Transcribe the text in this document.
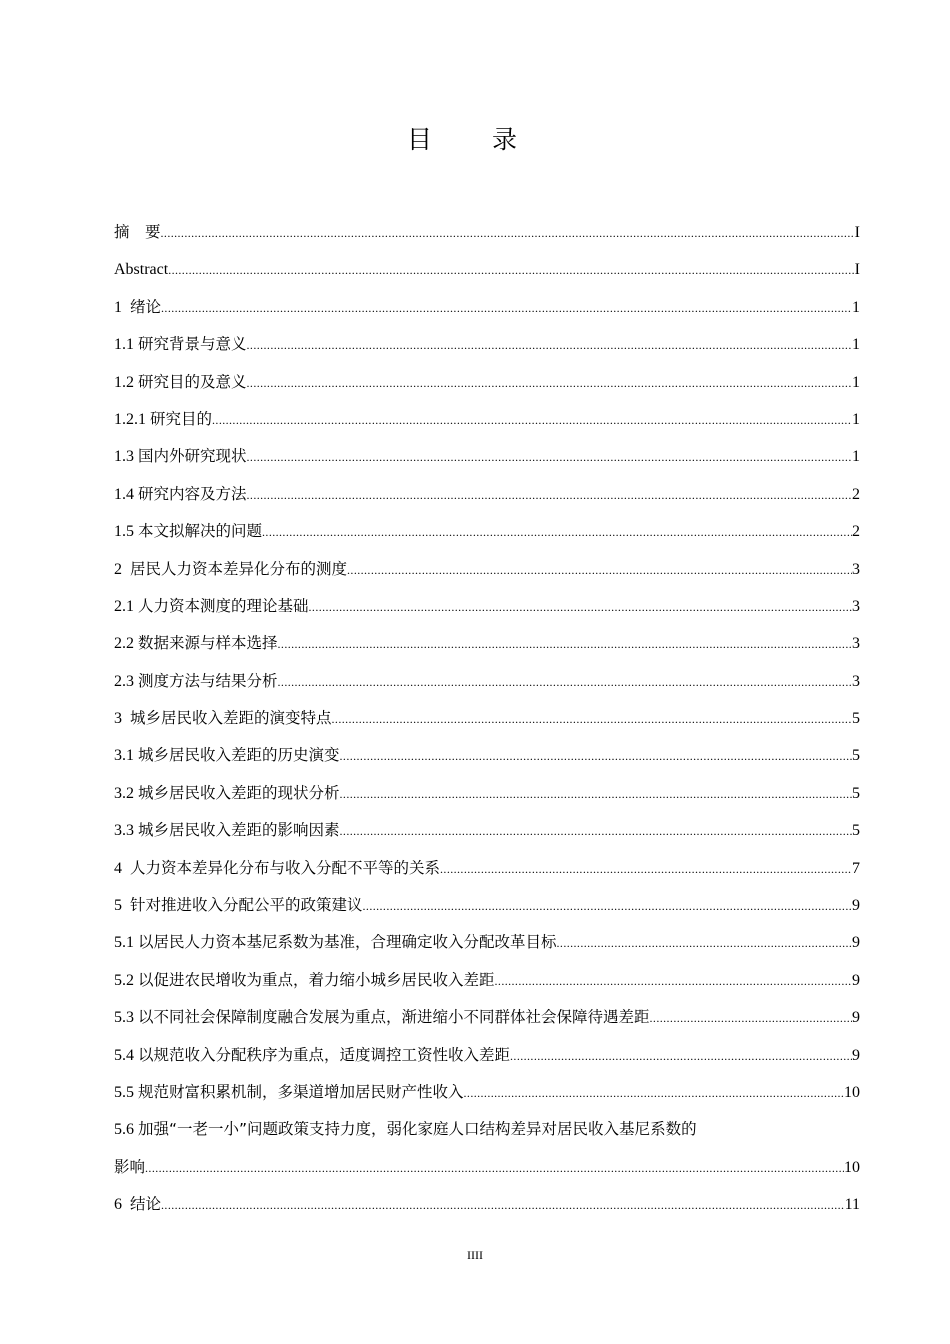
目 录
摘　要 .....	I
Abstract .....	I
1 绪论 .....	1
1.1 研究背景与意义 .....	1
1.2 研究目的及意义 .....	1
1.2.1 研究目的 .....	1
1.3 国内外研究现状 .....	1
1.4 研究内容及方法 .....	2
1.5 本文拟解决的问题 .....	2
2 居民人力资本差异化分布的测度 .....	3
2.1 人力资本测度的理论基础 .....	3
2.2 数据来源与样本选择 .....	3
2.3 测度方法与结果分析 .....	3
3 城乡居民收入差距的演变特点 .....	5
3.1 城乡居民收入差距的历史演变 .....	5
3.2 城乡居民收入差距的现状分析 .....	5
3.3 城乡居民收入差距的影响因素 .....	5
4 人力资本差异化分布与收入分配不平等的关系 .....	7
5 针对推进收入分配公平的政策建议 .....	9
5.1 以居民人力资本基尼系数为基准，合理确定收入分配改革目标 .....	9
5.2 以促进农民增收为重点，着力缩小城乡居民收入差距 .....	9
5.3 以不同社会保障制度融合发展为重点，渐进缩小不同群体社会保障待遇差距 .....	9
5.4 以规范收入分配秩序为重点，适度调控工资性收入差距 .....	9
5.5 规范财富积累机制，多渠道增加居民财产性收入 .....	10
5.6 加强“一老一小”问题政策支持力度，弱化家庭人口结构差异对居民收入基尼系数的
影响 .....	10
6 结论 .....	11
IIII
